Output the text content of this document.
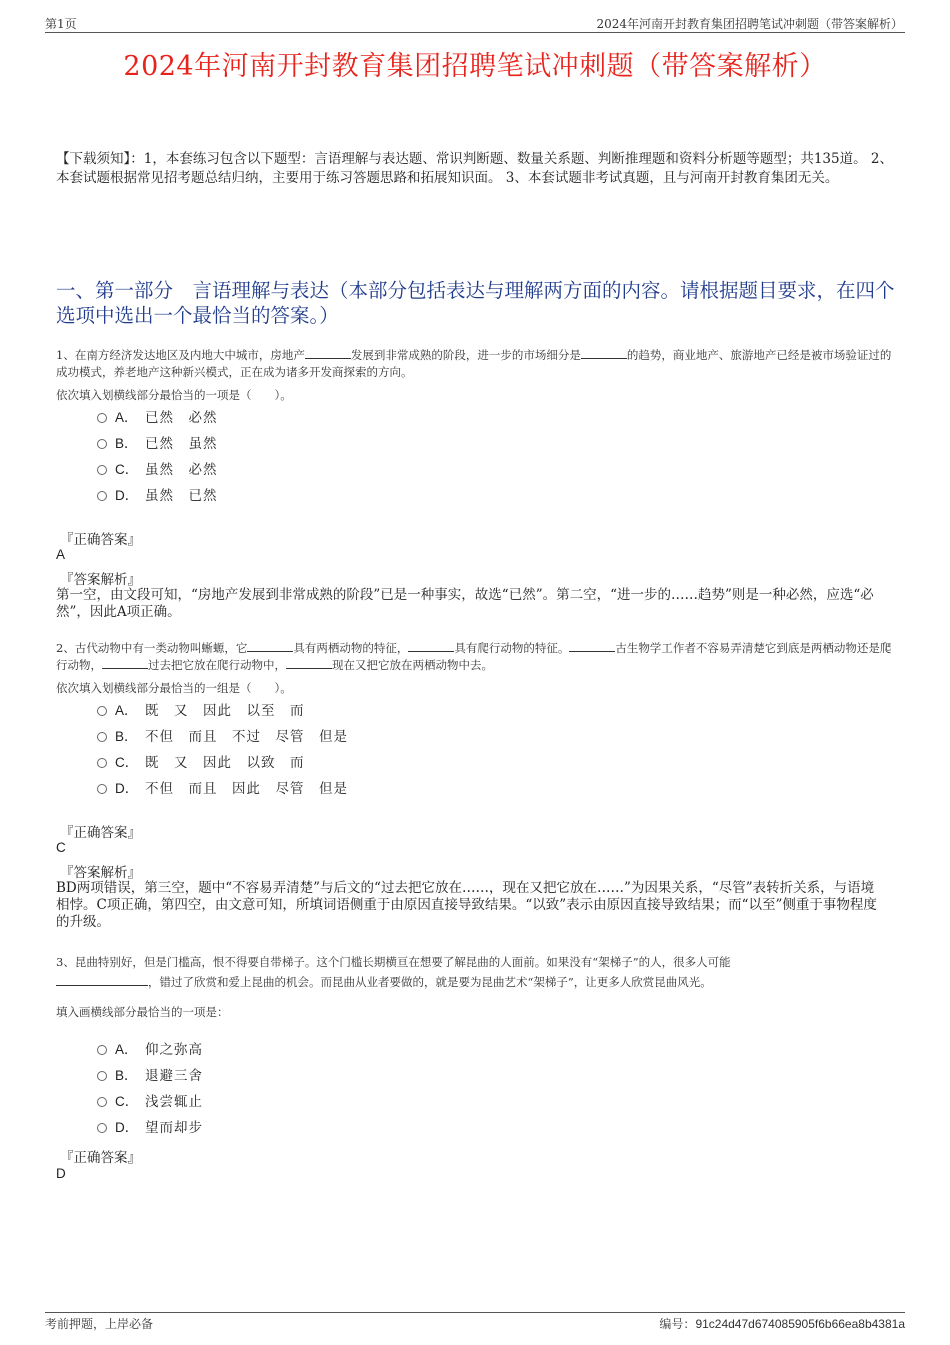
第1页	2024年河南开封教育集团招聘笔试冲刺题（带答案解析）
2024年河南开封教育集团招聘笔试冲刺题（带答案解析）
【下载须知】：1，本套练习包含以下题型：言语理解与表达题、常识判断题、数量关系题、判断推理题和资料分析题等题型；共135道。 2、本套试题根据常见招考题总结归纳，主要用于练习答题思路和拓展知识面。 3、本套试题非考试真题，且与河南开封教育集团无关。
一、第一部分　言语理解与表达（本部分包括表达与理解两方面的内容。请根据题目要求，在四个选项中选出一个最恰当的答案。）
1、在南方经济发达地区及内地大中城市，房地产	发展到非常成熟的阶段，进一步的市场细分是	的趋势，商业地产、旅游地产已经是被市场验证过的成功模式，养老地产这种新兴模式，正在成为诸多开发商探索的方向。
依次填入划横线部分最恰当的一项是（　　）。
A． 已然　必然
B． 已然　虽然
C． 虽然　必然
D． 虽然　已然
『正确答案』
A
『答案解析』
第一空，由文段可知，“房地产发展到非常成熟的阶段”已是一种事实，故选“已然”。第二空，“进一步的……趋势”则是一种必然，应选“必然”，因此A项正确。
2、古代动物中有一类动物叫蜥螈，它	具有两栖动物的特征，	具有爬行动物的特征。	古生物学工作者不容易弄清楚它到底是两栖动物还是爬行动物，	过去把它放在爬行动物中，	现在又把它放在两栖动物中去。
依次填入划横线部分最恰当的一组是（　　）。
A． 既　又　因此　以至　而
B． 不但　而且　不过　尽管　但是
C． 既　又　因此　以致　而
D． 不但　而且　因此　尽管　但是
『正确答案』
C
『答案解析』
BD两项错误，第三空，题中“不容易弄清楚”与后文的“过去把它放在……，现在又把它放在……”为因果关系，“尽管”表转折关系，与语境相悖。C项正确，第四空，由文意可知，所填词语侧重于由原因直接导致结果。“以致”表示由原因直接导致结果；而“以至”侧重于事物程度的升级。
3、昆曲特别好，但是门槛高，恨不得要自带梯子。这个门槛长期横亘在想要了解昆曲的人面前。如果没有“架梯子”的人，很多人可能
，错过了欣赏和爱上昆曲的机会。而昆曲从业者要做的，就是要为昆曲艺术“架梯子”，让更多人欣赏昆曲风光。
填入画横线部分最恰当的一项是：
A． 仰之弥高
B． 退避三舍
C． 浅尝辄止
D． 望而却步
『正确答案』
D
考前押题，上岸必备	编号：91c24d47d674085905f6b66ea8b4381a
